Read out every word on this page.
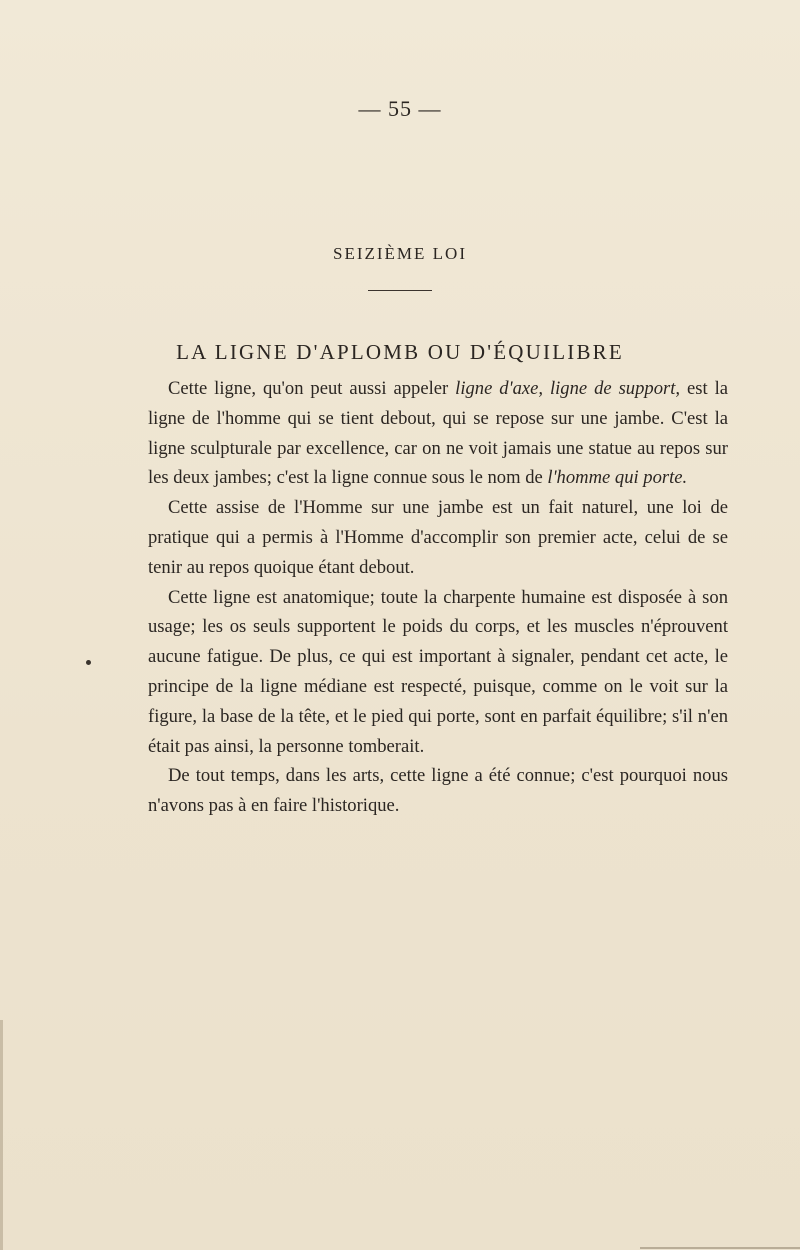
— 55 —
SEIZIÈME LOI
LA LIGNE D'APLOMB OU D'ÉQUILIBRE

Cette ligne, qu'on peut aussi appeler ligne d'axe, ligne de support, est la ligne de l'homme qui se tient debout, qui se repose sur une jambe. C'est la ligne sculpturale par excellence, car on ne voit jamais une statue au repos sur les deux jambes; c'est la ligne connue sous le nom de l'homme qui porte.

Cette assise de l'Homme sur une jambe est un fait naturel, une loi de pratique qui a permis à l'Homme d'accomplir son premier acte, celui de se tenir au repos quoique étant debout.

Cette ligne est anatomique; toute la charpente humaine est disposée à son usage; les os seuls supportent le poids du corps, et les muscles n'éprouvent aucune fatigue. De plus, ce qui est important à signaler, pendant cet acte, le principe de la ligne médiane est respecté, puisque, comme on le voit sur la figure, la base de la tête, et le pied qui porte, sont en parfait équilibre; s'il n'en était pas ainsi, la personne tomberait.

De tout temps, dans les arts, cette ligne a été connue; c'est pourquoi nous n'avons pas à en faire l'historique.
